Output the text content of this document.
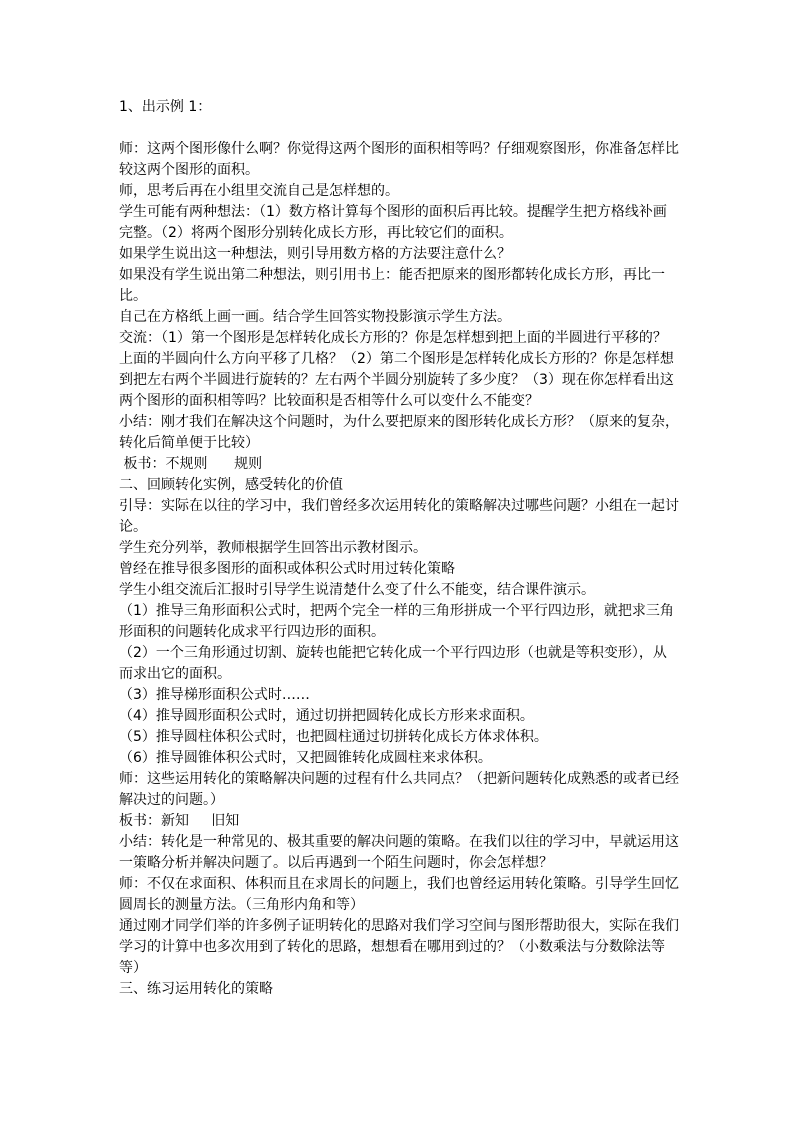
1、出示例 1：

师：这两个图形像什么啊？你觉得这两个图形的面积相等吗？仔细观察图形，你准备怎样比较这两个图形的面积。

师，思考后再在小组里交流自己是怎样想的。

学生可能有两种想法：（1）数方格计算每个图形的面积后再比较。提醒学生把方格线补画完整。（2）将两个图形分别转化成长方形，再比较它们的面积。

如果学生说出这一种想法，则引导用数方格的方法要注意什么？

如果没有学生说出第二种想法，则引用书上：能否把原来的图形都转化成长方形，再比一比。

自己在方格纸上画一画。结合学生回答实物投影演示学生方法。

交流：（1）第一个图形是怎样转化成长方形的？你是怎样想到把上面的半圆进行平移的？上面的半圆向什么方向平移了几格？（2）第二个图形是怎样转化成长方形的？你是怎样想到把左右两个半圆进行旋转的？左右两个半圆分别旋转了多少度？（3）现在你怎样看出这两个图形的面积相等吗？比较面积是否相等什么可以变什么不能变？

小结：刚才我们在解决这个问题时，为什么要把原来的图形转化成长方形？（原来的复杂，转化后简单便于比较）

板书：不规则      规则

二、回顾转化实例，感受转化的价值

引导：实际在以往的学习中，我们曾经多次运用转化的策略解决过哪些问题？小组在一起讨论。

学生充分列举，教师根据学生回答出示教材图示。

曾经在推导很多图形的面积或体积公式时用过转化策略

学生小组交流后汇报时引导学生说清楚什么变了什么不能变，结合课件演示。

（1）推导三角形面积公式时，把两个完全一样的三角形拼成一个平行四边形，就把求三角形面积的问题转化成求平行四边形的面积。

（2）一个三角形通过切割、旋转也能把它转化成一个平行四边形（也就是等积变形），从而求出它的面积。

（3）推导梯形面积公式时……

（4）推导圆形面积公式时，通过切拼把圆转化成长方形来求面积。

（5）推导圆柱体积公式时，也把圆柱通过切拼转化成长方体求体积。

（6）推导圆锥体积公式时，又把圆锥转化成圆柱来求体积。

师：这些运用转化的策略解决问题的过程有什么共同点？（把新问题转化成熟悉的或者已经解决过的问题。）

板书：新知     旧知

小结：转化是一种常见的、极其重要的解决问题的策略。在我们以往的学习中，早就运用这一策略分析并解决问题了。以后再遇到一个陌生问题时，你会怎样想？

师：不仅在求面积、体积而且在求周长的问题上，我们也曾经运用转化策略。引导学生回忆圆周长的测量方法。（三角形内角和等）

通过刚才同学们举的许多例子证明转化的思路对我们学习空间与图形帮助很大，实际在我们学习的计算中也多次用到了转化的思路，想想看在哪用到过的？（小数乘法与分数除法等等）

三、练习运用转化的策略
